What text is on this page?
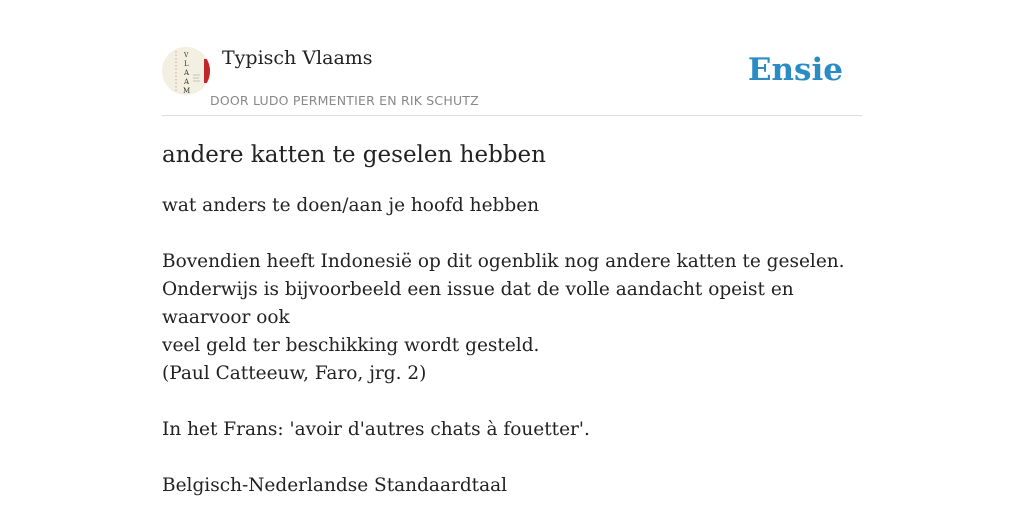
V
L
A
A
M
Typisch Vlaams
DOOR LUDO PERMENTIER EN RIK SCHUTZ
Ensie
andere katten te geselen hebben

wat anders te doen/aan je hoofd hebben

Bovendien heeft Indonesië op dit ogenblik nog andere katten te geselen.

Onderwijs is bijvoorbeeld een issue dat de volle aandacht opeist en waarvoor ook

veel geld ter beschikking wordt gesteld.

(Paul Catteeuw, Faro, jrg. 2)

In het Frans: 'avoir d'autres chats à fouetter'.

Belgisch-Nederlandse Standaardtaal
